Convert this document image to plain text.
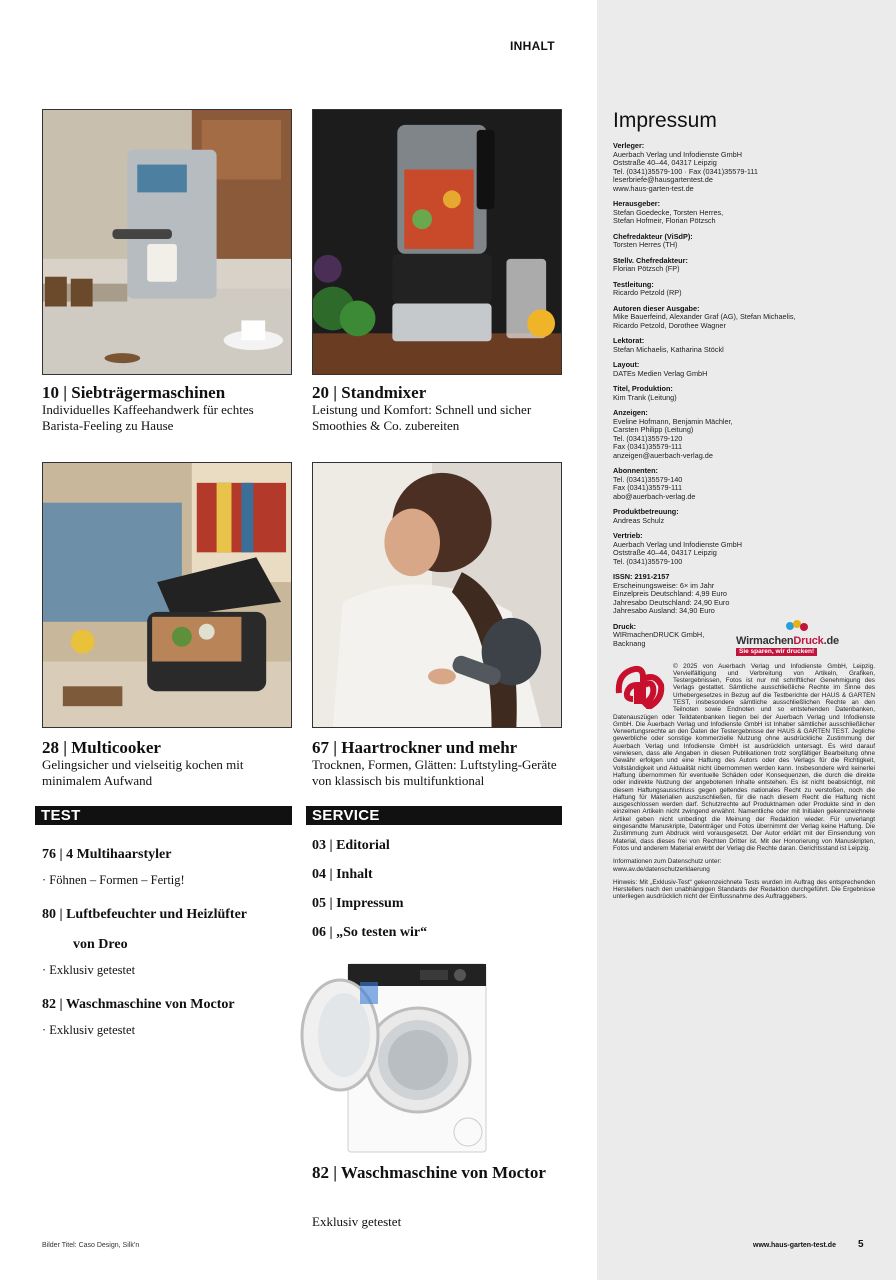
INHALT
10 | Siebträgermaschinen
Individuelles Kaffeehandwerk für echtes Barista-Feeling zu Hause
20 | Standmixer
Leistung und Komfort: Schnell und sicher Smoothies & Co. zubereiten
28 | Multicooker
Gelingsicher und vielseitig kochen mit minimalem Aufwand
67 | Haartrockner und mehr
Trocknen, Formen, Glätten: Luftstyling-Geräte von klassisch bis multifunktional
TEST
76 | 4 Multihaarstyler
· Föhnen – Formen – Fertig!
80 | Luftbefeuchter und Heizlüfter
von Dreo
· Exklusiv getestet
82 | Waschmaschine von Moctor
· Exklusiv getestet
SERVICE
03 | Editorial
04 | Inhalt
05 | Impressum
06 | „So testen wir“
82 | Waschmaschine von Moctor
Exklusiv getestet
Bilder Titel: Caso Design, Silk’n	www.haus-garten-test.de 5
Impressum
Verleger:
Auerbach Verlag und Infodienste GmbH
Oststraße 40–44, 04317 Leipzig
Tel. (0341)35579-100 · Fax (0341)35579-111
leserbriefe@hausgartentest.de
www.haus-garten-test.de
Herausgeber:
Stefan Goedecke, Torsten Herres,
Stefan Hofmeir, Florian Pötzsch
Chefredakteur (ViSdP):
Torsten Herres (TH)
Stellv. Chefredakteur:
Florian Pötzsch (FP)
Testleitung:
Ricardo Petzold (RP)
Autoren dieser Ausgabe:
Mike Bauerfeind, Alexander Graf (AG), Stefan Michaelis,
Ricardo Petzold, Dorothee Wagner
Lektorat:
Stefan Michaelis, Katharina Stöckl
Layout:
DATEs Medien Verlag GmbH
Titel, Produktion:
Kim Trank (Leitung)
Anzeigen:
Eveline Hofmann, Benjamin Mächler,
Carsten Philipp (Leitung)
Tel. (0341)35579-120
Fax (0341)35579-111
anzeigen@auerbach-verlag.de
Abonnenten:
Tel. (0341)35579-140
Fax (0341)35579-111
abo@auerbach-verlag.de
Produktbetreuung:
Andreas Schulz
Vertrieb:
Auerbach Verlag und Infodienste GmbH
Oststraße 40–44, 04317 Leipzig
Tel. (0341)35579-100
ISSN: 2191-2157
Erscheinungsweise: 6× im Jahr
Einzelpreis Deutschland: 4,99 Euro
Jahresabo Deutschland: 24,90 Euro
Jahresabo Ausland: 34,90 Euro
Druck:
WIRmachenDRUCK GmbH,
Backnang	WirmachenDruck.de
Sie sparen, wir drucken!

© 2025 von Auerbach Verlag und Infodienste GmbH, Leipzig. Vervielfältigung und Verbreitung von Artikeln, Grafiken, Testergebnissen, Fotos ist nur mit schriftlicher Genehmigung des Verlags gestattet. Sämtliche ausschließliche Rechte im Sinne des Urhebergesetzes in Bezug auf die Testberichte der HAUS & GARTEN TEST, insbesondere sämtliche ausschließlichen Rechte an den Teilnoten sowie Endnoten und so entstehenden Datenbanken, Datenauszügen oder Teildatenbanken liegen bei der Auerbach Verlag und Infodienste GmbH. Die Auerbach Verlag und Infodienste GmbH ist Inhaber sämtlicher ausschließlicher Verwertungsrechte an den Daten der Testergebnisse der HAUS & GARTEN TEST. Jegliche gewerbliche oder sonstige kommerzielle Nutzung ohne ausdrückliche Zustimmung der Auerbach Verlag und Infodienste GmbH ist ausdrücklich untersagt. Es wird darauf verwiesen, dass alle Angaben in diesen Publikationen trotz sorgfältiger Bearbeitung ohne Gewähr erfolgen und eine Haftung des Autors oder des Verlags für die Richtigkeit, Vollständigkeit und Aktualität nicht übernommen werden kann. Insbesondere wird keinerlei Haftung übernommen für eventuelle Schäden oder Konsequenzen, die durch die direkte oder indirekte Nutzung der angebotenen Inhalte entstehen. Es ist nicht beabsichtigt, mit diesem Haftungsausschluss gegen geltendes nationales Recht zu verstoßen, noch die Haftung für Materialien auszuschließen, für die nach diesem Recht die Haftung nicht ausgeschlossen werden darf. Schutzrechte auf Produktnamen oder Produkte sind in den einzelnen Artikeln nicht zwingend erwähnt. Namentliche oder mit Initialen gekennzeichnete Artikel geben nicht unbedingt die Meinung der Redaktion wieder. Für unverlangt eingesandte Manuskripte, Datenträger und Fotos übernimmt der Verlag keine Haftung. Die Zustimmung zum Abdruck wird vorausgesetzt. Der Autor erklärt mit der Einsendung von Material, dass dieses frei von Rechten Dritter ist. Mit der Honorierung von Manuskripten, Fotos und anderem Material erwirbt der Verlag die Rechte daran. Gerichtsstand ist Leipzig.

Informationen zum Datenschutz unter:
www.av.de/datenschutzerklaerung

Hinweis: Mit „Exklusiv-Test“ gekennzeichnete Tests wurden im Auftrag des entsprechenden Herstellers nach den unabhängigen Standards der Redaktion durchgeführt. Die Ergebnisse unterliegen ausdrücklich nicht der Einflussnahme des Auftraggebers.
